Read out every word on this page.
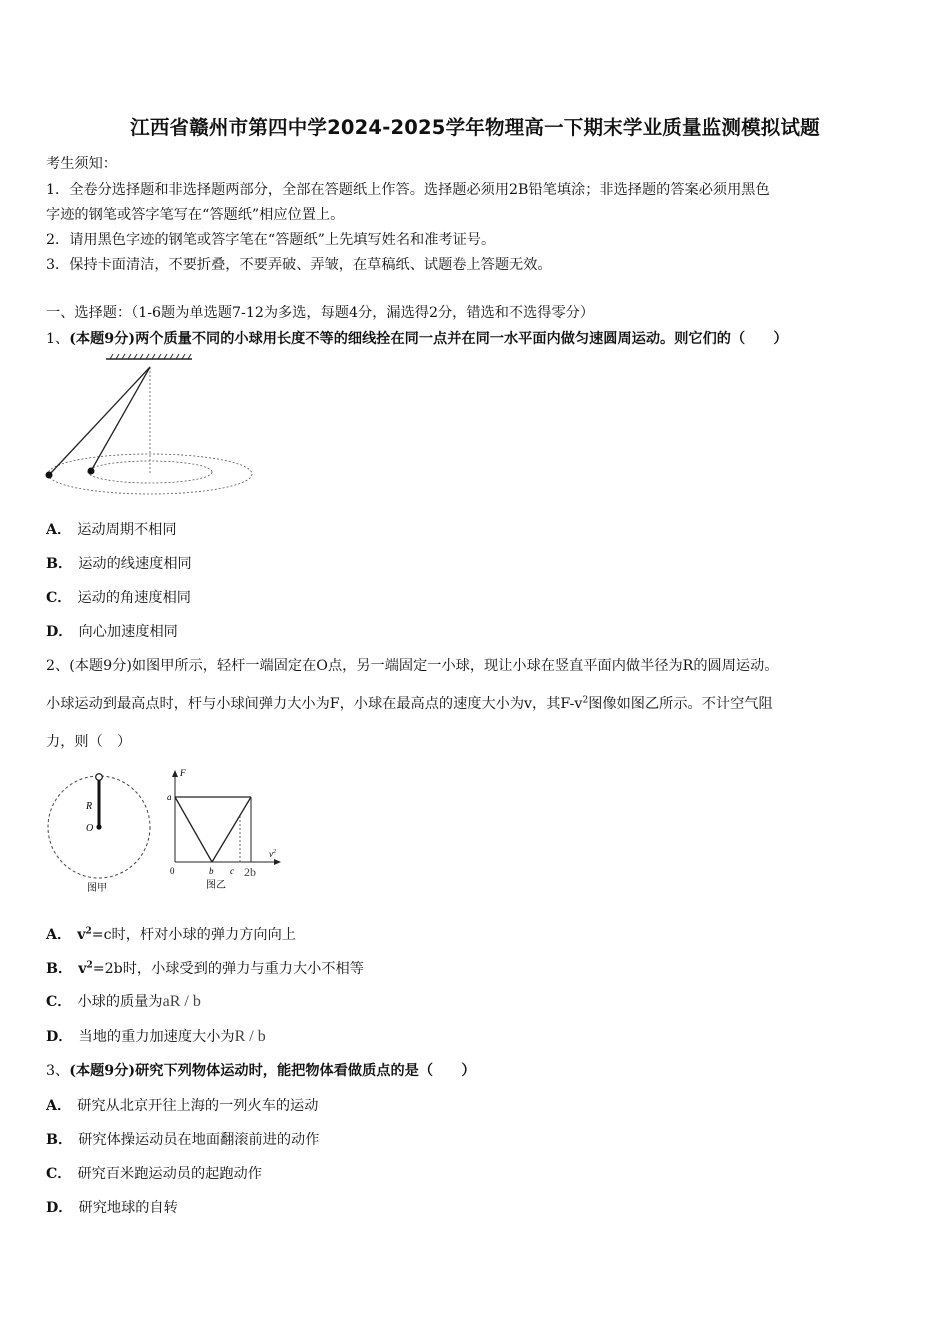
江西省赣州市第四中学2024-2025学年物理高一下期末学业质量监测模拟试题
考生须知：
1．全卷分选择题和非选择题两部分，全部在答题纸上作答。选择题必须用2B铅笔填涂；非选择题的答案必须用黑色
字迹的钢笔或答字笔写在“答题纸”相应位置上。
2．请用黑色字迹的钢笔或答字笔在“答题纸”上先填写姓名和准考证号。
3．保持卡面清洁，不要折叠，不要弄破、弄皱，在草稿纸、试题卷上答题无效。
一、选择题：（1-6题为单选题7-12为多选，每题4分，漏选得2分，错选和不选得零分）
1、(本题9分)两个质量不同的小球用长度不等的细线拴在同一点并在同一水平面内做匀速圆周运动。则它们的（　　）
A． 运动周期不相同
B． 运动的线速度相同
C． 运动的角速度相同
D． 向心加速度相同
2、(本题9分)如图甲所示，轻杆一端固定在O点，另一端固定一小球，现让小球在竖直平面内做半径为R的圆周运动。
小球运动到最高点时，杆与小球间弹力大小为F，小球在最高点的速度大小为v，其$F-v^2$图像如图乙所示。不计空气阻
力，则（　）
R
O
图甲
F
$v^2$
a
0	b c 2b
图乙
A． $v^2=c$时，杆对小球的弹力方向向上
B． $v^2=2b$时，小球受到的弹力与重力大小不相等
C． 小球的质量为aR / b
D． 当地的重力加速度大小为R / b
3、(本题9分)研究下列物体运动时，能把物体看做质点的是（　　）
A． 研究从北京开往上海的一列火车的运动
B． 研究体操运动员在地面翻滚前进的动作
C． 研究百米跑运动员的起跑动作
D． 研究地球的自转
